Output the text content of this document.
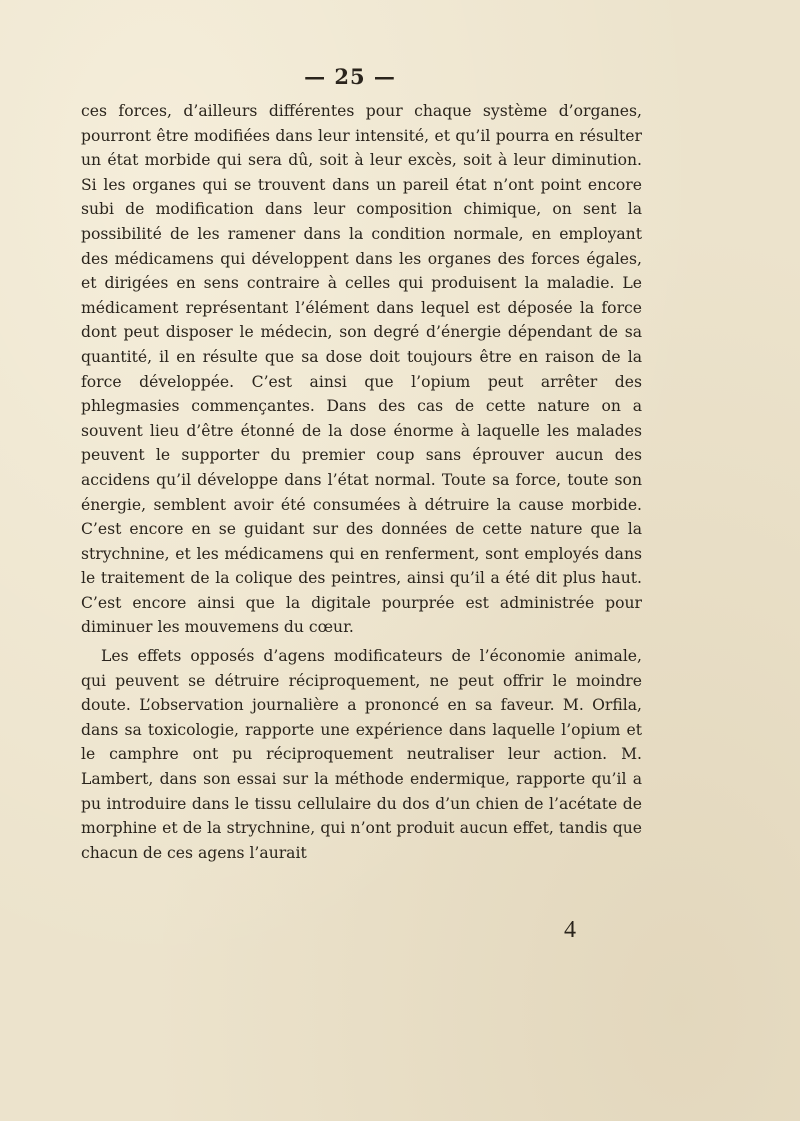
— 25 —

ces forces, d’ailleurs différentes pour chaque système d’organes, pourront être modifiées dans leur intensité, et qu’il pourra en résulter un état morbide qui sera dû, soit à leur excès, soit à leur diminution. Si les organes qui se trouvent dans un pareil état n’ont point encore subi de modification dans leur composition chimique, on sent la possibilité de les ramener dans la condition normale, en employant des médicamens qui développent dans les organes des forces égales, et dirigées en sens contraire à celles qui produisent la maladie. Le médicament représentant l’élément dans lequel est déposée la force dont peut disposer le médecin, son degré d’énergie dépendant de sa quantité, il en résulte que sa dose doit toujours être en raison de la force développée. C’est ainsi que l’opium peut arrêter des phlegmasies commençantes. Dans des cas de cette nature on a souvent lieu d’être étonné de la dose énorme à laquelle les malades peuvent le supporter du premier coup sans éprouver aucun des accidens qu’il développe dans l’état normal. Toute sa force, toute son énergie, semblent avoir été consumées à détruire la cause morbide. C’est encore en se guidant sur des données de cette nature que la strychnine, et les médicamens qui en renferment, sont employés dans le traitement de la colique des peintres, ainsi qu’il a été dit plus haut. C’est encore ainsi que la digitale pourprée est administrée pour diminuer les mouvemens du cœur.

Les effets opposés d’agens modificateurs de l’économie animale, qui peuvent se détruire réciproquement, ne peut offrir le moindre doute. L’observation journalière a prononcé en sa faveur. M. Orfila, dans sa toxicologie, rapporte une expérience dans laquelle l’opium et le camphre ont pu réciproquement neutraliser leur action. M. Lambert, dans son essai sur la méthode endermique, rapporte qu’il a pu introduire dans le tissu cellulaire du dos d’un chien de l’acétate de morphine et de la strychnine, qui n’ont produit aucun effet, tandis que chacun de ces agens l’aurait

4
